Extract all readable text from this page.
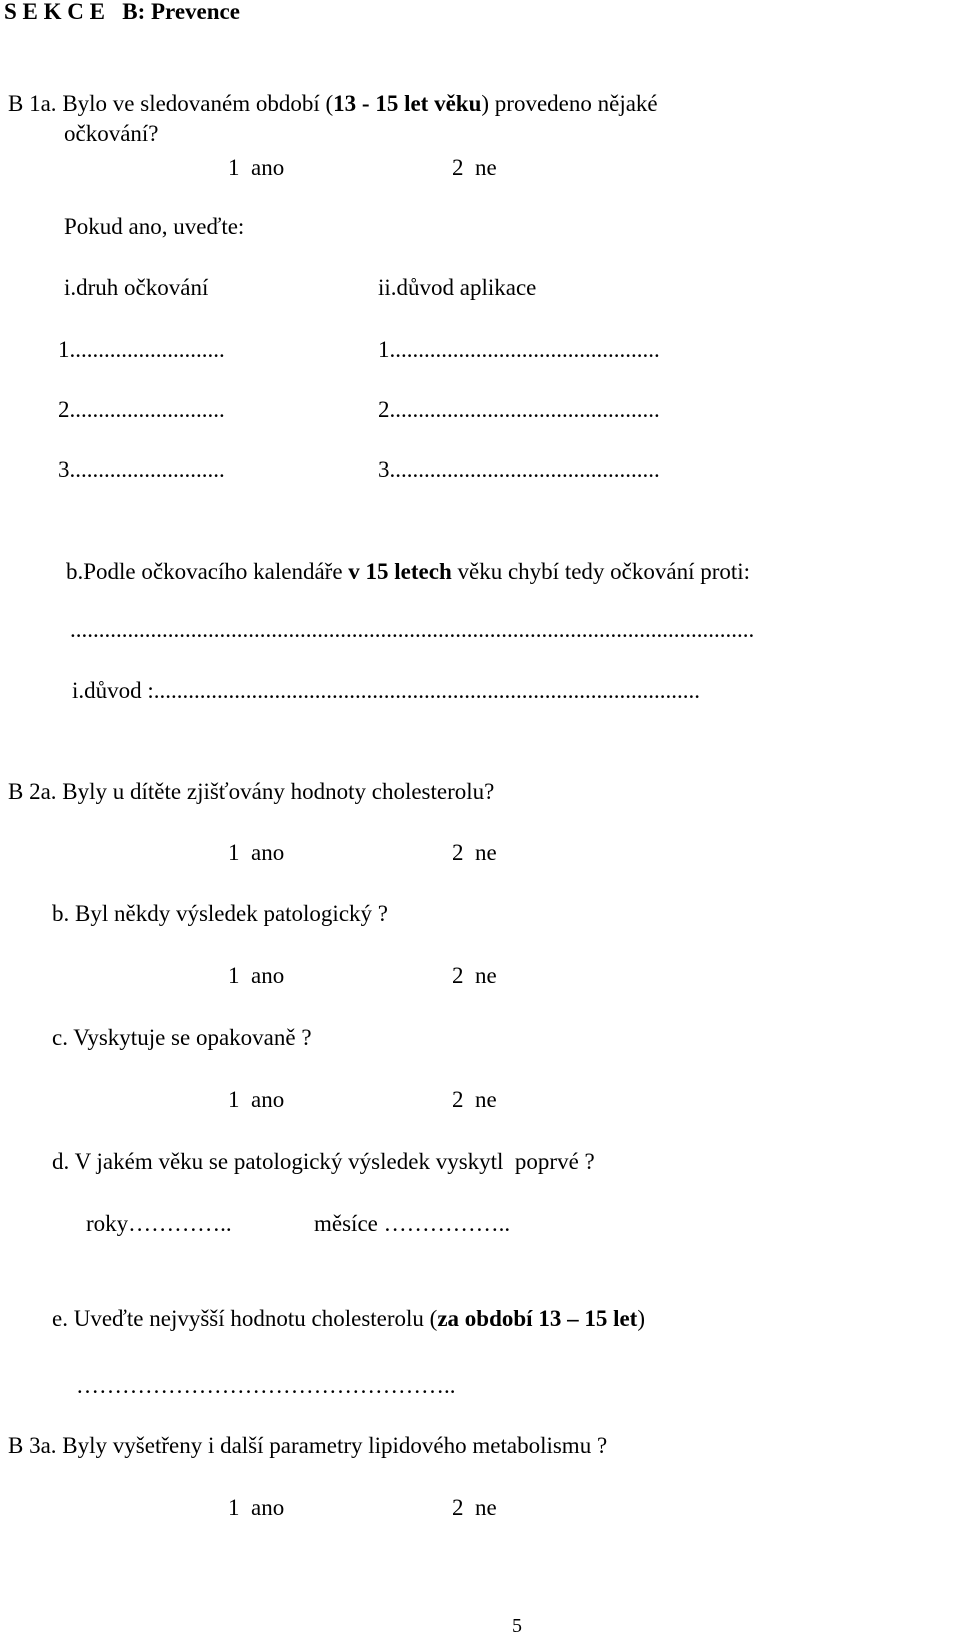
S E K C E   B: Prevence
B 1a. Bylo ve sledovaném období (13 - 15 let věku) provedeno nějaké
očkování?
1  ano	2  ne
Pokud ano, uveďte:
i.druh očkování	ii.důvod aplikace
1...........................	1...............................................
2...........................	2...............................................
3...........................	3...............................................
b.Podle očkovacího kalendáře v 15 letech věku chybí tedy očkování proti:
.......................................................................................................................
i.důvod :...............................................................................................
B 2a. Byly u dítěte zjišťovány hodnoty cholesterolu?
1  ano	2  ne
b. Byl někdy výsledek patologický ?
1  ano	2  ne
c. Vyskytuje se opakovaně ?
1  ano	2  ne
d. V jakém věku se patologický výsledek vyskytl  poprvé ?
roky…………..	měsíce ……………..
e. Uveďte nejvyšší hodnotu cholesterolu (za období 13 – 15 let)
…………………………………………..
B 3a. Byly vyšetřeny i další parametry lipidového metabolismu ?
1  ano	2  ne
5
